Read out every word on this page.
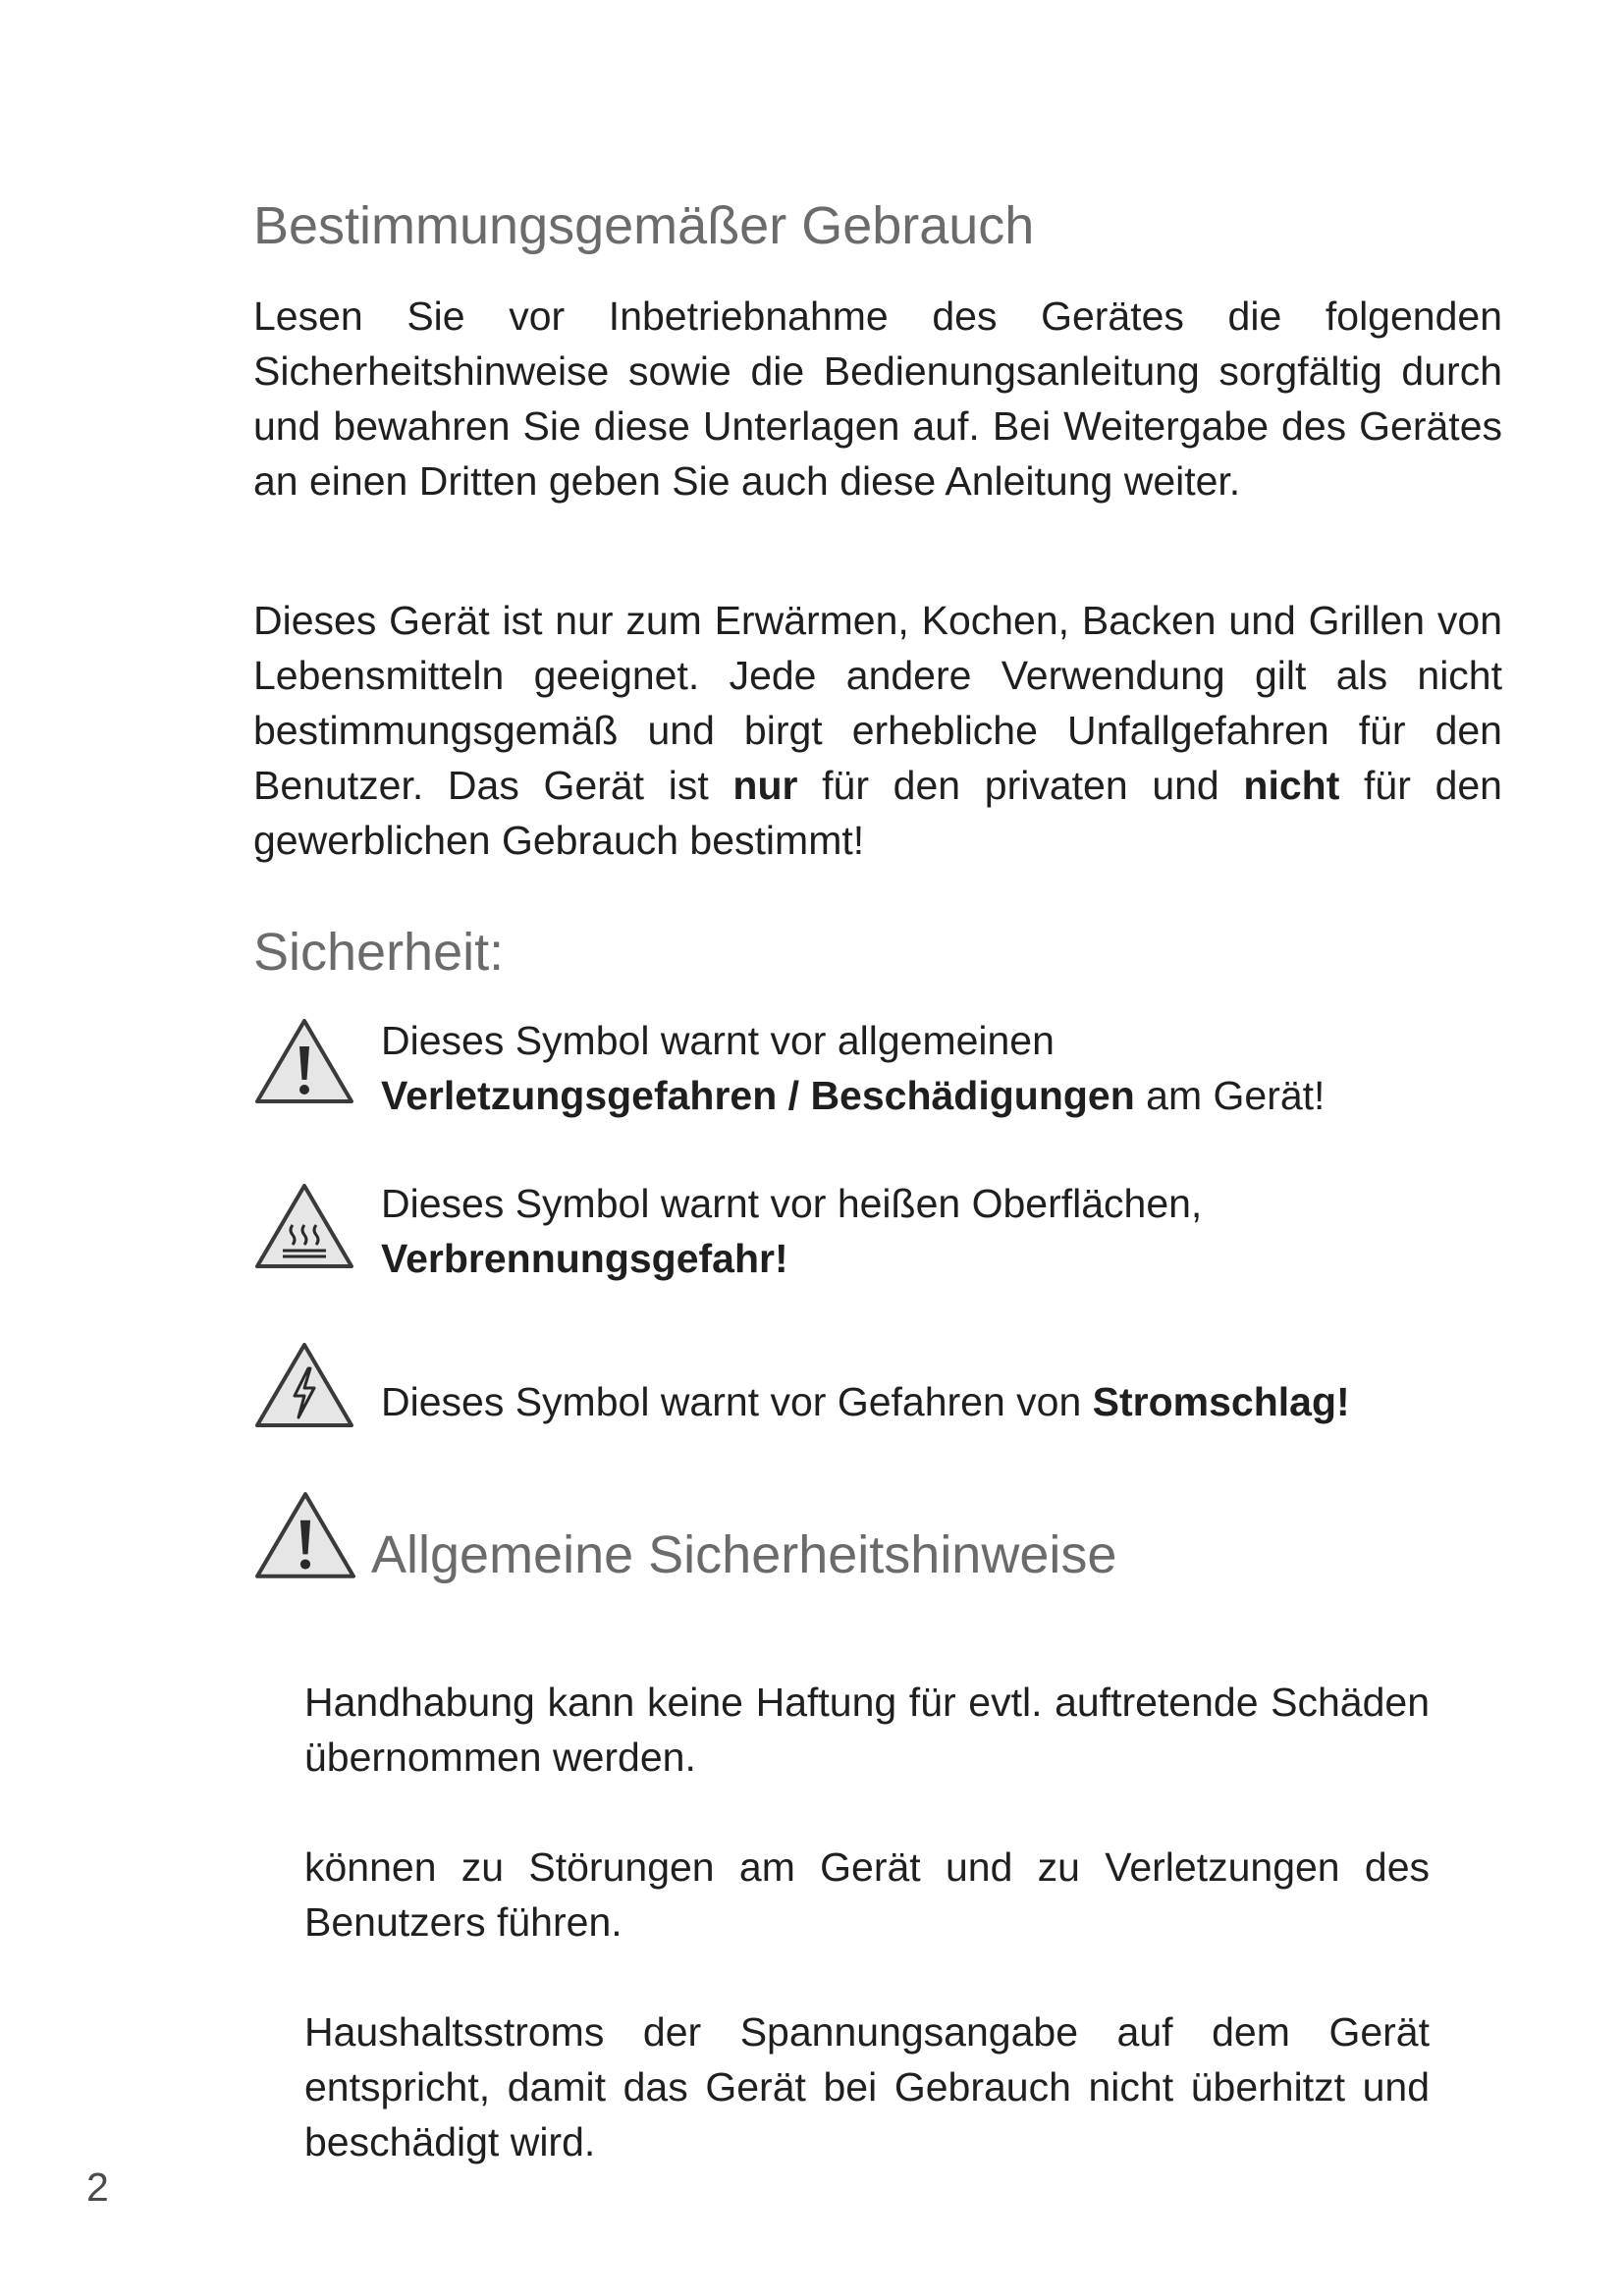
Bestimmungsgemäßer Gebrauch

Lesen Sie vor Inbetriebnahme des Gerätes die folgenden Sicherheitshinweise sowie die Bedienungsanleitung sorgfältig durch und bewahren Sie diese Unterlagen auf. Bei Weitergabe des Gerätes an einen Dritten geben Sie auch diese Anleitung weiter.

Dieses Gerät ist nur zum Erwärmen, Kochen, Backen und Grillen von Lebensmitteln geeignet. Jede andere Verwendung gilt als nicht bestimmungsgemäß und birgt erhebliche Unfallgefahren für den Benutzer. Das Gerät ist nur für den privaten und nicht für den gewerblichen Gebrauch bestimmt!

Sicherheit:

Dieses Symbol warnt vor allgemeinen
Verletzungsgefahren / Beschädigungen am Gerät!

Dieses Symbol warnt vor heißen Oberflächen,
Verbrennungsgefahr!

Dieses Symbol warnt vor Gefahren von Stromschlag!

Allgemeine Sicherheitshinweise

Handhabung kann keine Haftung für evtl. auftretende Schäden übernommen werden.

können zu Störungen am Gerät und zu Verletzungen des Benutzers führen.

Haushaltsstroms der Spannungsangabe auf dem Gerät entspricht, damit das Gerät bei Gebrauch nicht überhitzt und beschädigt wird.

2
